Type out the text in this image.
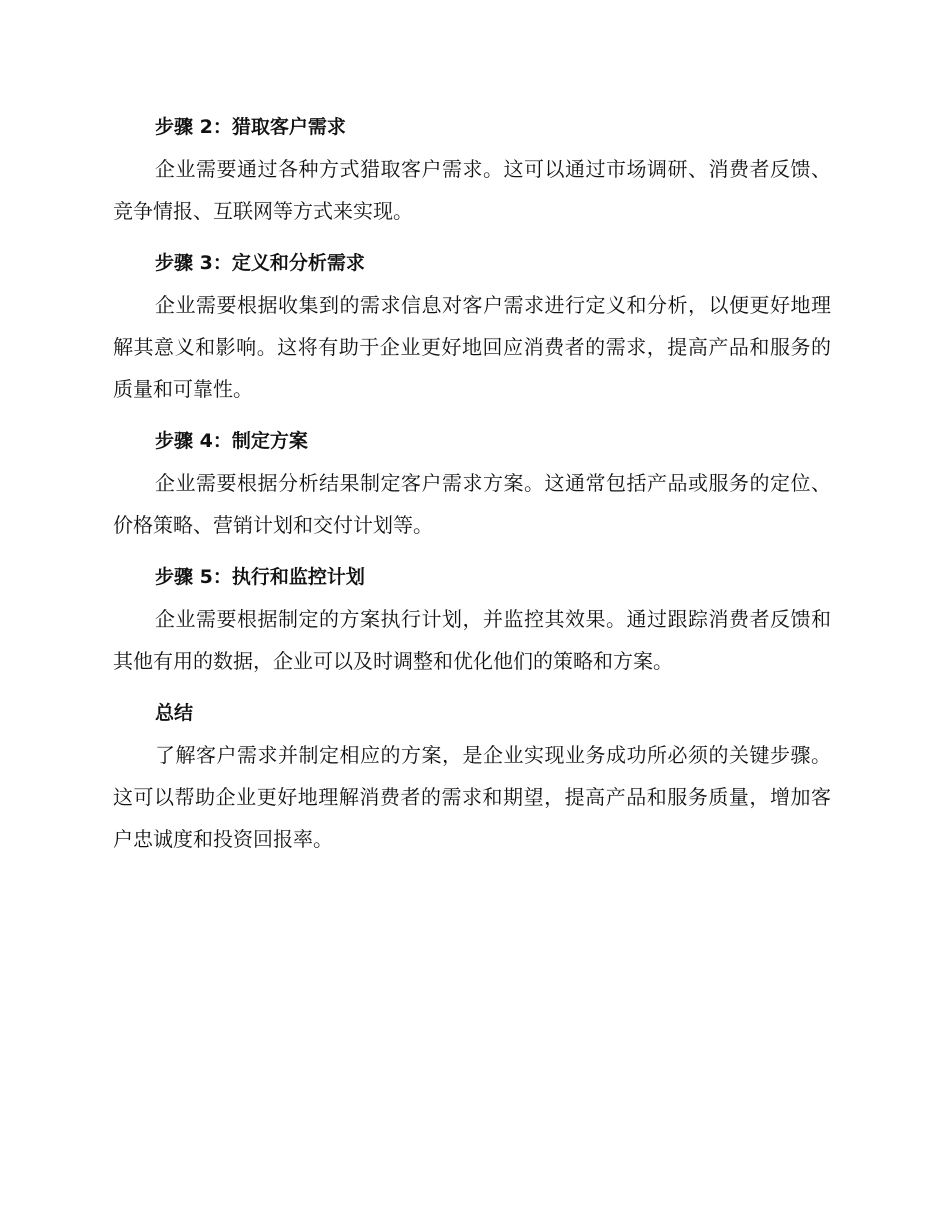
步骤 2：猎取客户需求

企业需要通过各种方式猎取客户需求。这可以通过市场调研、消费者反馈、竞争情报、互联网等方式来实现。

步骤 3：定义和分析需求

企业需要根据收集到的需求信息对客户需求进行定义和分析，以便更好地理解其意义和影响。这将有助于企业更好地回应消费者的需求，提高产品和服务的质量和可靠性。

步骤 4：制定方案

企业需要根据分析结果制定客户需求方案。这通常包括产品或服务的定位、价格策略、营销计划和交付计划等。

步骤 5：执行和监控计划

企业需要根据制定的方案执行计划，并监控其效果。通过跟踪消费者反馈和其他有用的数据，企业可以及时调整和优化他们的策略和方案。

总结

了解客户需求并制定相应的方案，是企业实现业务成功所必须的关键步骤。这可以帮助企业更好地理解消费者的需求和期望，提高产品和服务质量，增加客户忠诚度和投资回报率。
